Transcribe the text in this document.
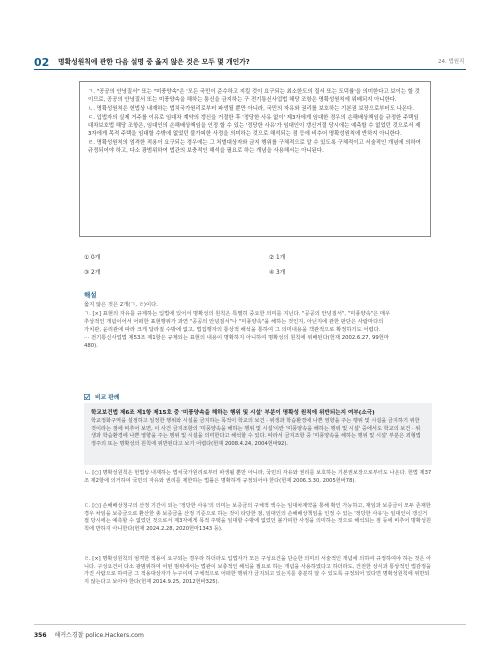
02 명확성원칙에 관한 다음 설명 중 옳지 않은 것은 모두 몇 개인가?	24. 법원직
ㄱ. "공공의 안녕질서" 또는 "미풍양속"은 '모든 국민이 준수하고 지킬 것이 요구되는 최소한도의 질서 또는 도덕률'을 의미한다고 보이는 할 것이므로, 공공의 안녕질서 또는 미풍양속을 해하는 통신을 금지하는 구 전기통신사업법 해당 조항은 명확성원칙에 위배되지 아니한다.
ㄴ. 명확성원칙은 헌법상 내재하는 법치국가원리로부터 파생될 뿐만 아니라, 국민의 자유와 권리를 보호하는 기본권 보장으로부터도 나온다.
ㄷ. 입법자의 실제 거주를 이유로 임대차 계약의 갱신을 거절한 후 '정당한 사유 없이' 제3자에게 임대한 경우의 손해배상책임을 규정한 주택임대차보호법 해당 조항은, 임대인의 손해배상책임을 인정 할 수 있는 '정당한 사유'가 임대인이 갱신거절 당시에는 예측할 수 없었던 것으로서 제3자에게 목적 주택을 임대할 수밖에 없었던 불가피한 사정을 의미하는 것으로 해석되는 점 등에 비추어 명확성원칙에 반하지 아니한다.
ㄹ. 명확성원칙의 엄격한 적용이 요구되는 경우에는 그 처벌대상자와 금지 행위를 구체적으로 알 수 있도록 구체적이고 서술적인 개념에 의하여 규정되어야 하고, 다소 광범위하여 법관의 보충적인 해석을 필요로 하는 개념을 사용해서는 아니된다.
① 0개	② 1개
③ 2개	④ 3개
해설
옳지 않은 것은 2개(ㄱ, ㄹ)이다.
ㄱ. [×] 표현의 자유를 규제하는 입법에 있어서 명확성의 원칙은 특별히 중요한 의미를 지닌다. "공공의 안녕질서", "미풍양속"은 매우
추상적인 개념이어서 어떠한 표현행위가 과연 "공공의 안녕질서"나 "미풍양속"을 해하는 것인지, 아닌지에 관한 판단은 사람마다의
가치관, 윤리관에 따라 크게 달라질 수밖에 없고, 법집행자의 통상적 해석을 통하여 그 의미내용을 객관적으로 확정하기도 어렵다.
⋯ 전기통신사업법 제53조 제1항은 규제되는 표현의 내용이 명확하지 아니하여 명확성의 원칙에 위배된다(헌재 2002.6.27, 99헌마
480).
비교 판례
학교보건법 제6조 제1항 제15호 중 '미풍양속을 해하는 행위 및 시설' 부분이 명확성 원칙에 위반되는지 여부(소극)
학교정화구역을 설정하고 일정한 행위와 시설을 금지하는 목적이 학교의 보건 · 위생과 학습환경에 나쁜 영향을 주는 행위 및 시설을 금지하기 위한 것이라는 점에 비추어 보면, 이 사건 금지조항의 '미풍양속을 해하는 행위 및 시설'이란 '미풍양속을 해하는 행위 및 시설' 중에서도 학교의 보건 · 위생과 학습환경에 나쁜 영향을 주는 행위 및 시설을 의미한다고 해석할 수 있다. 따라서 금지조항 중 '미풍양속을 해하는 행위 및 시설' 부분은 죄형법정주의 또는 명확성의 원칙에 위반된다고 보기 어렵다(헌재 2008.4.24, 2004헌바92).
ㄴ. [○] 명확성원칙은 헌법상 내재하는 법치국가원리로부터 파생될 뿐만 아니라, 국민의 자유와 권리를 보호하는 기본권보장으로부터도 나온다. 헌법 제37조 제2항에 의거하여 국민의 자유와 권리를 제한하는 법률은 명확하게 규정되어야 한다(헌재 2006.3.30, 2005헌바78).
ㄷ. [○] 손해배상청구의 산정 기간이 되는 '정당한 사유'의 의미는 보증금의 구체적 액수는 임대차계약을 통해 확인 가능하고, 재임과 보증금이 모두 존재한 경우 차임을 보증금으로 환산한 총 보증금을 산정 기준으로 하는 것이 타당한 점, 임대인의 손해배상책임을 인정 수 있는 '정당한 사유'는 임대인이 갱신거절 당시에는 예측할 수 없었던 것으로서 제3자에게 목적 주택을 임대할 수밖에 없었던 불가피한 사정을 의미하는 것으로 해석되는 점 등에 비추어 명확성원칙에 반하지 아니한다(헌재 2024.2.28, 2020헌마1343 등).
ㄹ. [×] 명확성원칙의 엄격한 적용이 요구되는 경우라 하더라도 입법자가 모든 구성요건을 단순한 의미의 서술적인 개념에 의하여 규정하여야 하는 것은 아니다. 구성요건이 다소 광범위하여 어떤 범위에서는 법관이 보충적인 해석을 필요로 하는 개념을 사용하였다고 하더라도, 건전한 상식과 통상적인 법감정을 가진 사람으로 하여금 그 적용대상자가 누구이며 구체적으로 어떠한 행위가 금지되고 있는지를 충분히 알 수 있도록 규정되어 있다면 명확성원칙에 위반되지 않는다고 보아야 한다(헌재 2014.9.25, 2012헌바325).
356 해커스경찰 police.Hackers.com
